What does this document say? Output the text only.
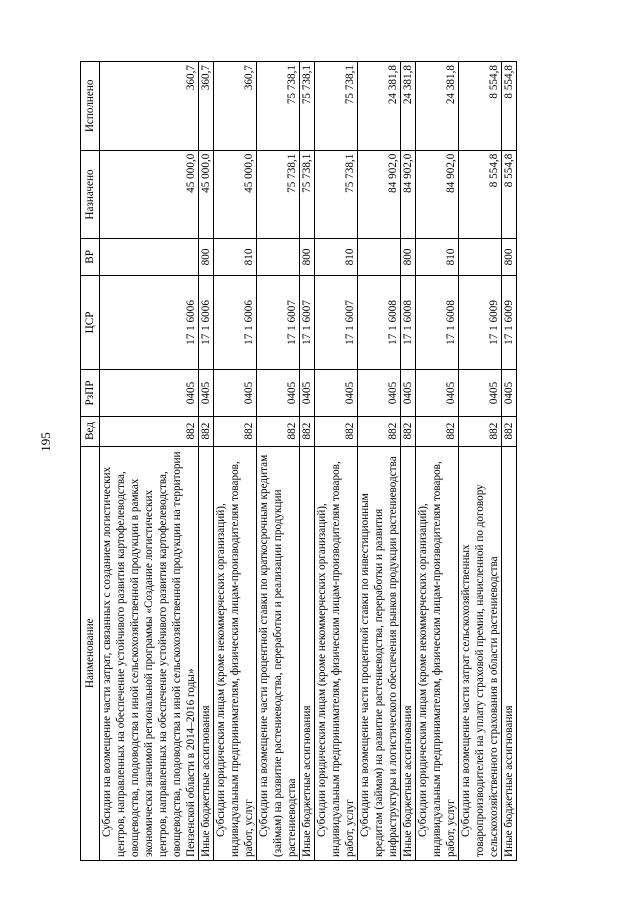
195
Наименование	Вед	РзПР	ЦСР	ВР	Назначено	Исполнено
Субсидии на возмещение части затрат, связанных с созданием логистических центров, направленных на обеспечение устойчивого развития картофелеводства, овощеводства, плодоводства и иной сельскохозяйственной продукции в рамках экономически значимой региональной программы «Создание логистических центров, направленных на обеспечение устойчивого развития картофелеводства, овощеводства, плодоводства и иной сельскохозяйственной продукции на территории Пензенской области в 2014–2016 годы»	882	0405	17 1 6006		45 000,0	360,7
Иные бюджетные ассигнования	882	0405	17 1 6006	800	45 000,0	360,7
Субсидии юридическим лицам (кроме некоммерческих организаций), индивидуальным предпринимателям, физическим лицам-производителям товаров, работ, услуг	882	0405	17 1 6006	810	45 000,0	360,7
Субсидии на возмещение части процентной ставки по краткосрочным кредитам (займам) на развитие растениеводства, переработки и реализации продукции растениеводства	882	0405	17 1 6007		75 738,1	75 738,1
Иные бюджетные ассигнования	882	0405	17 1 6007	800	75 738,1	75 738,1
Субсидии юридическим лицам (кроме некоммерческих организаций), индивидуальным предпринимателям, физическим лицам-производителям товаров, работ, услуг	882	0405	17 1 6007	810	75 738,1	75 738,1
Субсидии на возмещение части процентной ставки по инвестиционным кредитам (займам) на развитие растениеводства, переработки и развития инфраструктуры и логистического обеспечения рынков продукции растениеводства	882	0405	17 1 6008		84 902,0	24 381,8
Иные бюджетные ассигнования	882	0405	17 1 6008	800	84 902,0	24 381,8
Субсидии юридическим лицам (кроме некоммерческих организаций), индивидуальным предпринимателям, физическим лицам-производителям товаров, работ, услуг	882	0405	17 1 6008	810	84 902,0	24 381,8
Субсидии на возмещение части затрат сельскохозяйственных товаропроизводителей на уплату страховой премии, начисленной по договору сельскохозяйственного страхования в области растениеводства	882	0405	17 1 6009		8 554,8	8 554,8
Иные бюджетные ассигнования	882	0405	17 1 6009	800	8 554,8	8 554,8
